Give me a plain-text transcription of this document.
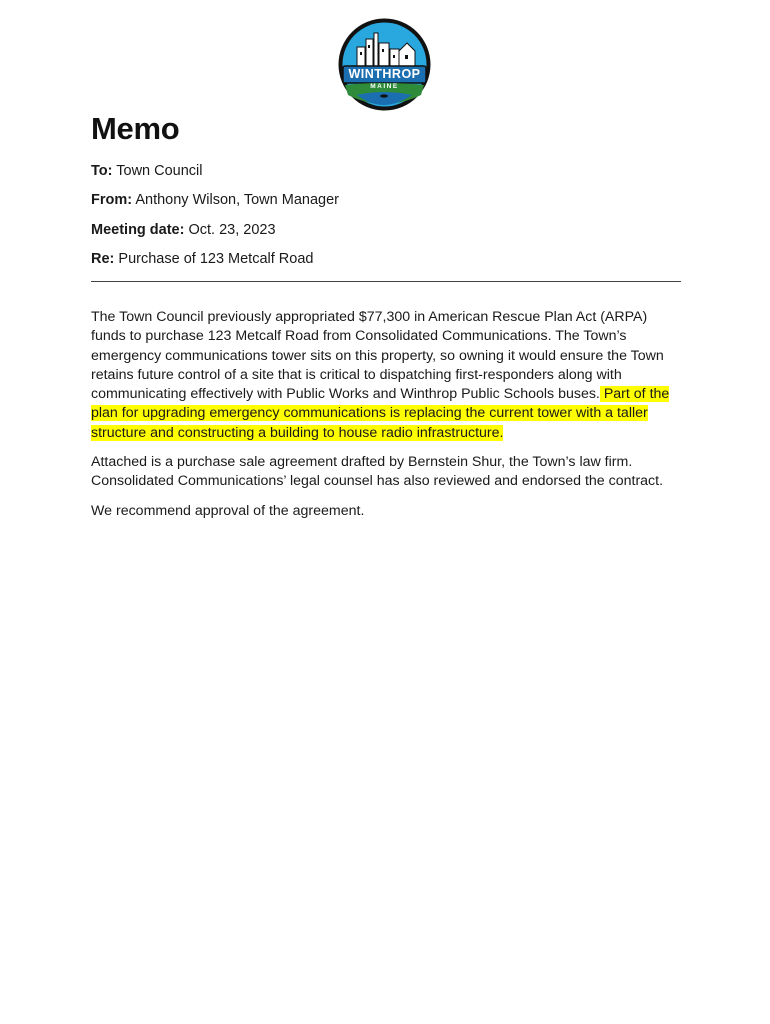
WINTHROP
MAINE
Memo
To: Town Council
From: Anthony Wilson, Town Manager
Meeting date: Oct. 23, 2023
Re: Purchase of 123 Metcalf Road

The Town Council previously appropriated $77,300 in American Rescue Plan Act (ARPA) funds to purchase 123 Metcalf Road from Consolidated Communications. The Town’s emergency communications tower sits on this property, so owning it would ensure the Town retains future control of a site that is critical to dispatching first-responders along with communicating effectively with Public Works and Winthrop Public Schools buses. Part of the plan for upgrading emergency communications is replacing the current tower with a taller structure and constructing a building to house radio infrastructure.

Attached is a purchase sale agreement drafted by Bernstein Shur, the Town’s law firm. Consolidated Communications’ legal counsel has also reviewed and endorsed the contract.

We recommend approval of the agreement.
